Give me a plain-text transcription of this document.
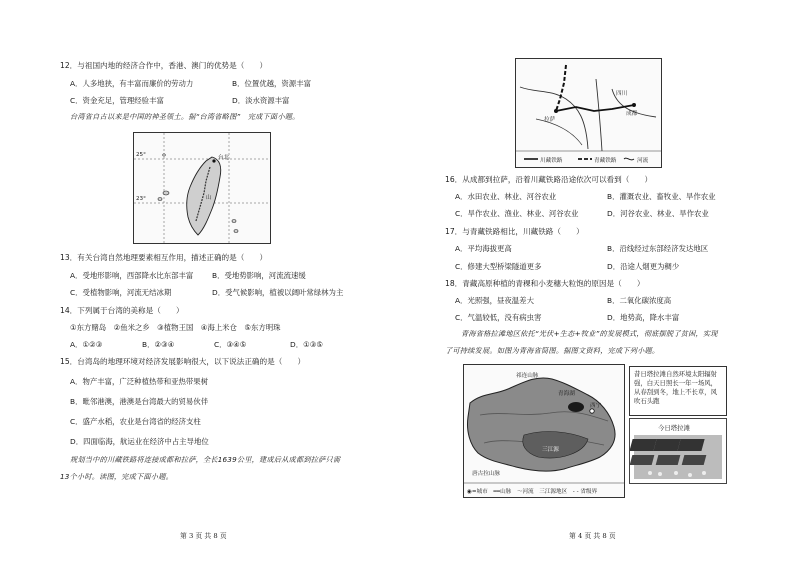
12．与祖国内地的经济合作中，香港、澳门的优势是（　　）
A．人多地狭，有丰富而廉价的劳动力	B．位置优越，资源丰富
C．资金充足，管理经验丰富	D．淡水资源丰富
台湾省自古以来是中国的神圣领土。据“台湾省略图”　完成下面小题。
台北
山
25°
23°
13．有关台湾自然地理要素相互作用，描述正确的是（　　）
A．受地形影响，西部降水比东部丰富	B．受地势影响，河流流速缓
C．受植物影响，河流无结冰期	D．受气候影响，植被以阔叶常绿林为主
14．下列属于台湾的美称是（　　）
①东方赌岛　②鱼米之乡　③植物王国　④海上米仓　⑤东方明珠
A．①②③	B．②③④	C．③④⑤	D．①③⑤
15．台湾岛的地理环境对经济发展影响很大，以下说法正确的是（　　）
A．物产丰富，广泛种植热带和亚热带果树
B．毗邻港澳，港澳是台湾最大的贸易伙伴
C．盛产水稻，农业是台湾省的经济支柱
D．四面临海，航运业在经济中占主导地位
规划当中的川藏铁路将连接成都和拉萨，全长1639公里，建成后从成都到拉萨只需
13个小时。读图，完成下面小题。
第 3 页 共 8 页
四川
拉萨
成都
川藏铁路	青藏铁路	河流
16．从成都到拉萨，沿着川藏铁路沿途依次可以看到（　　）
A．水田农业、林业、河谷农业	B．灌溉农业、畜牧业、旱作农业
C．旱作农业、渔业、林业、河谷农业	D．河谷农业、林业、旱作农业
17．与青藏铁路相比，川藏铁路（　　）
A．平均海拔更高	B．沿线经过东部经济发达地区
C．修建大型桥梁隧道更多	D．沿途人烟更为稠少
18．青藏高原种植的青稞和小麦穗大粒饱的原因是（　　）
A．光照强，昼夜温差大	B．二氧化碳浓度高
C．气温较低，没有病虫害	D．地势高，降水丰富
青海省格拉滩地区依托“光伏+生态+牧业”的发展模式，彻底摆脱了贫困，实现
了可持续发展。如图为青海省简图。据图文资料，完成下列小题。
祁连山脉
西宁
青海湖
唐古拉山脉
三江源
◉=城市　━━山脉　～河流　三江源地区　- - 省级界
昔日塔拉滩自然环境太阳辐射强，白天日照长一年一场风，从春刮到冬，地上不长草，风吹石头跑
今日塔拉滩
第 4 页 共 8 页
